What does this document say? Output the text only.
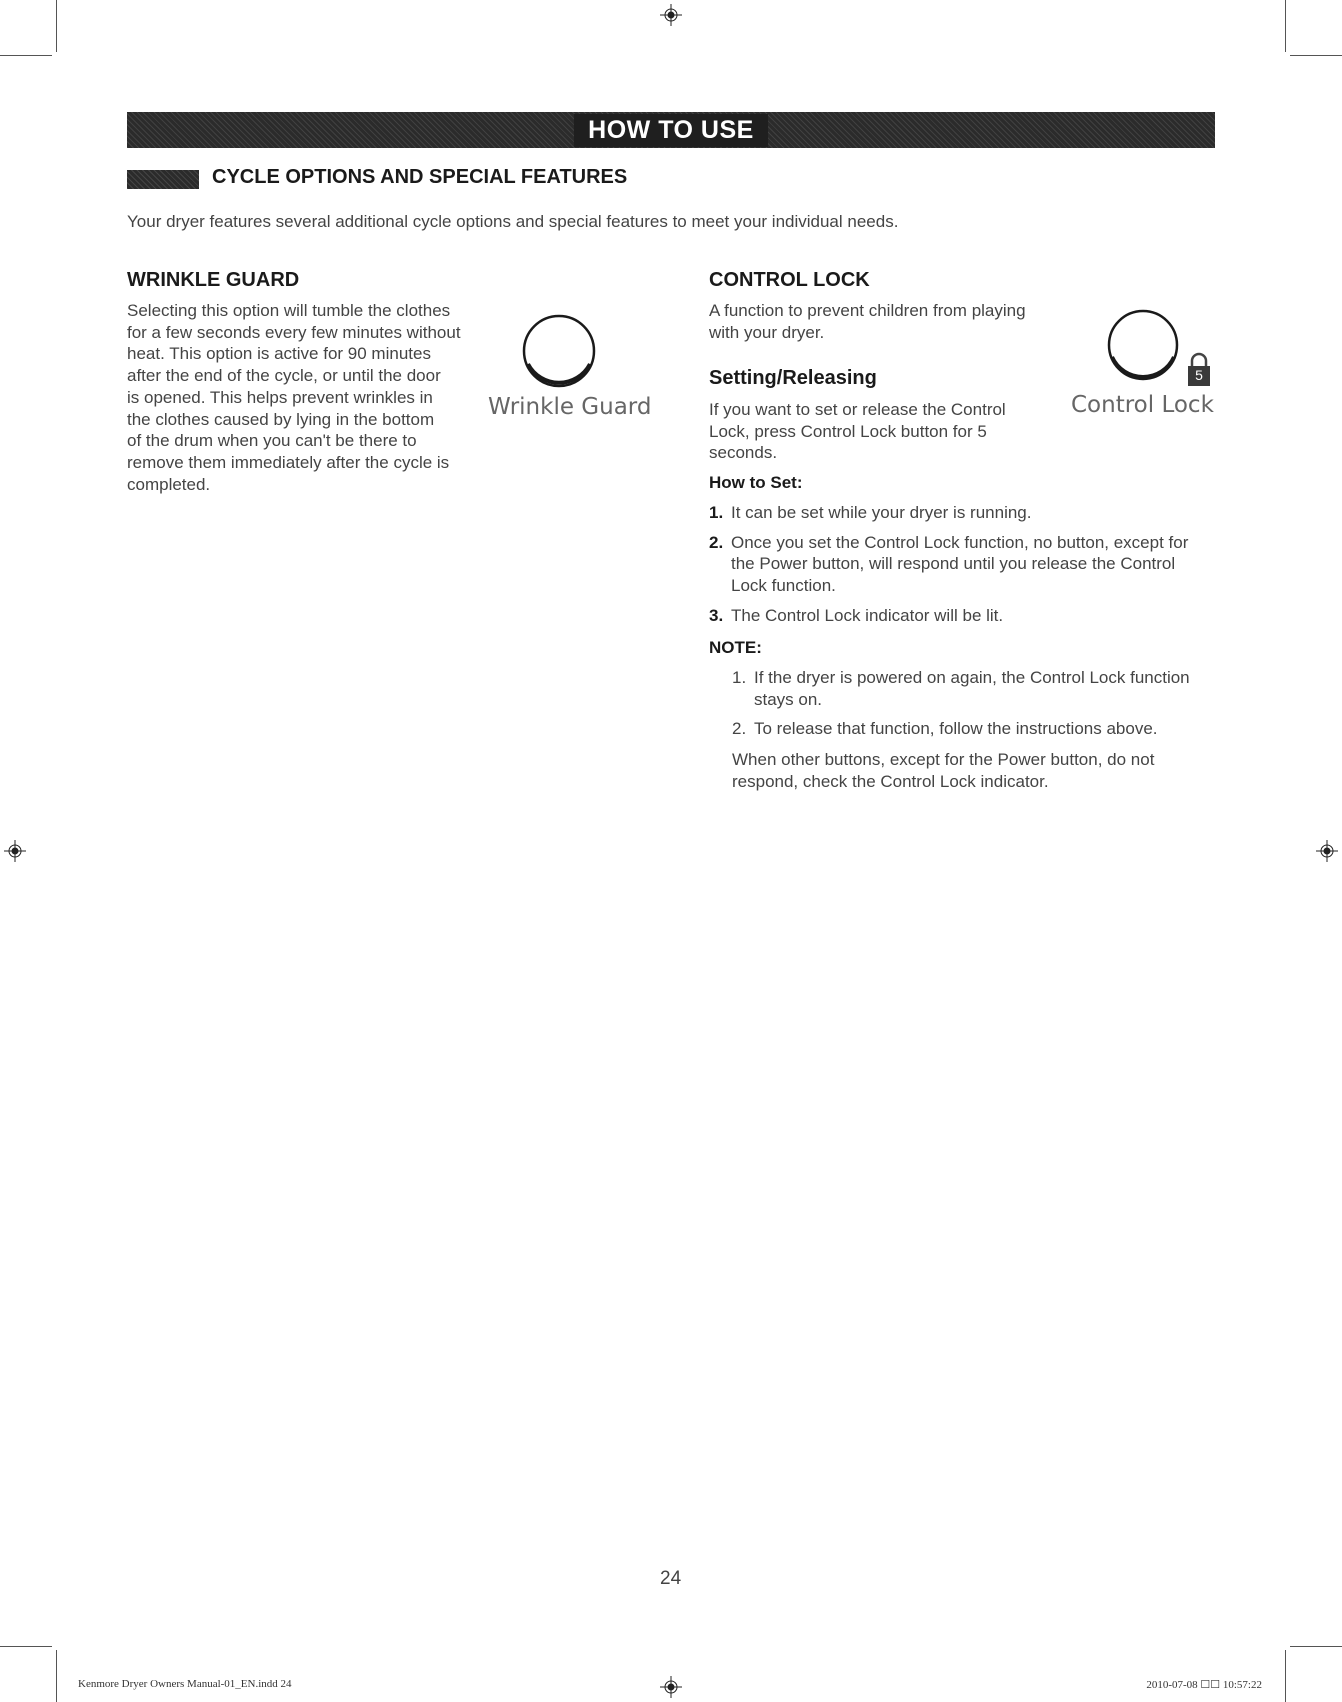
HOW TO USE
CYCLE OPTIONS AND SPECIAL FEATURES
Your dryer features several additional cycle options and special features to meet your individual needs.
WRINKLE GUARD

Selecting this option will tumble the clothes

for a few seconds every few minutes without

heat. This option is active for 90 minutes

after the end of the cycle, or until the door

is opened. This helps prevent wrinkles in

the clothes caused by lying in the bottom

of the drum when you can't be there to

remove them immediately after the cycle is

completed.

Wrinkle Guard
CONTROL LOCK

A function to prevent children from playing

with your dryer.

5
Control Lock
Setting/Releasing

If you want to set or release the Control

Lock, press Control Lock button for 5

seconds.

How to Set:
1. It can be set while your dryer is running.
2. Once you set the Control Lock function, no button, except for
the Power button, will respond until you release the Control
Lock function.
3. The Control Lock indicator will be lit.
NOTE:
1. If the dryer is powered on again, the Control Lock function
stays on.
2. To release that function, follow the instructions above.

When other buttons, except for the Power button, do not

respond, check the Control Lock indicator.

24
Kenmore Dryer Owners Manual-01_EN.indd 24	2010-07-08 ☐☐ 10:57:22
